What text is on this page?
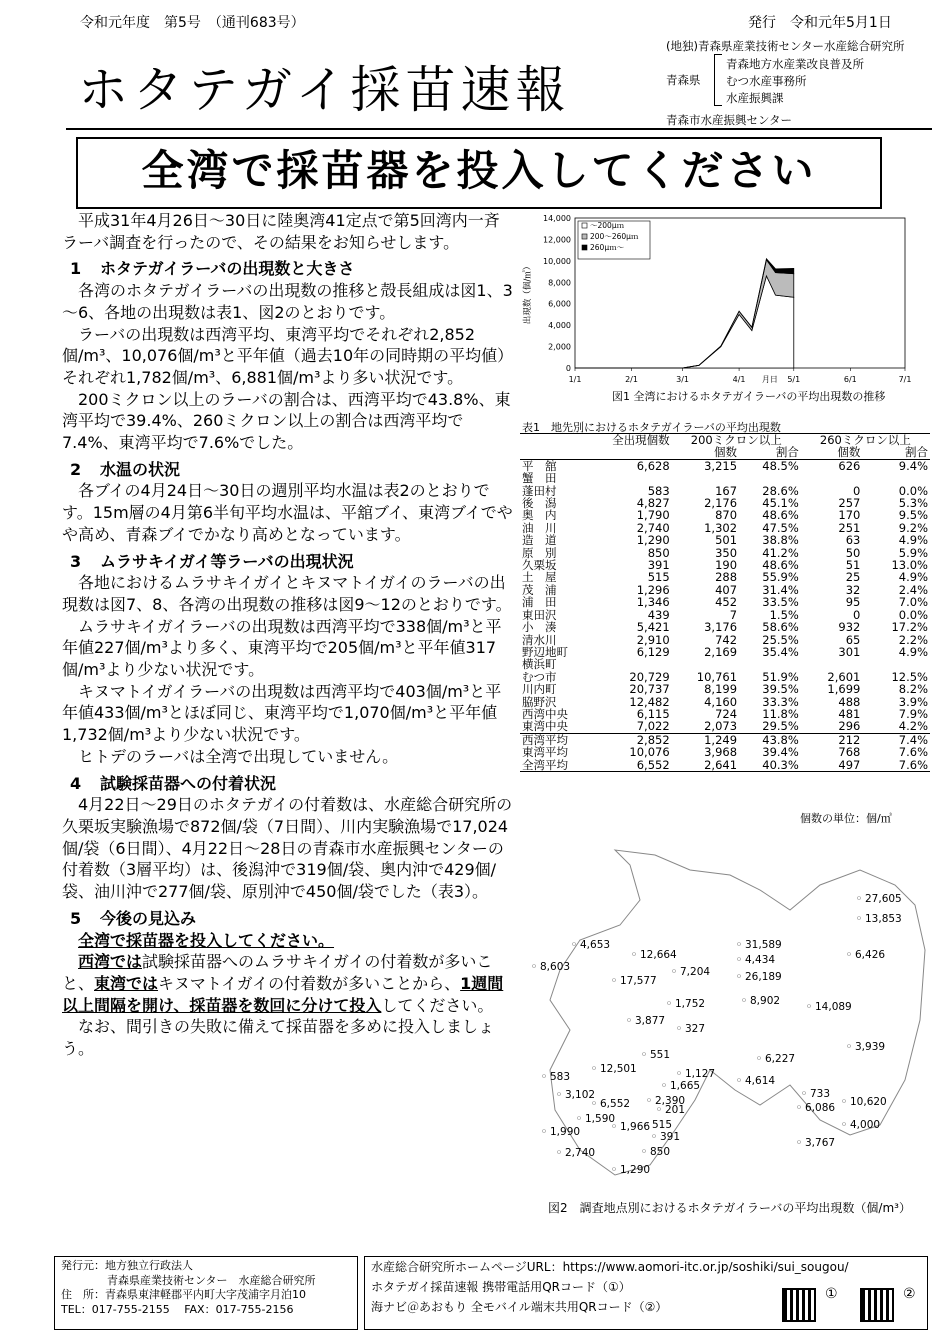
令和元年度　第5号　（通刊683号）	発行　令和元年5月1日
ホタテガイ採苗速報
(地独)青森県産業技術センター水産総合研究所
青森県
青森地方水産業改良普及所
むつ水産事務所
水産振興課
青森市水産振興センター
全湾で採苗器を投入してください

平成31年4月26日～30日に陸奥湾41定点で第5回湾内一斉ラーバ調査を行ったので、その結果をお知らせします。

1 ホタテガイラーバの出現数と大きさ

各湾のホタテガイラーバの出現数の推移と殻長組成は図1、3～6、各地の出現数は表1、図2のとおりです。

ラーバの出現数は西湾平均、東湾平均でそれぞれ2,852個/m³、10,076個/m³と平年値（過去10年の同時期の平均値）それぞれ1,782個/m³、6,881個/m³より多い状況です。

200ミクロン以上のラーバの割合は、西湾平均で43.8%、東湾平均で39.4%、260ミクロン以上の割合は西湾平均で7.4%、東湾平均で7.6%でした。

2 水温の状況

各ブイの4月24日～30日の週別平均水温は表2のとおりです。15m層の4月第6半旬平均水温は、平舘ブイ、東湾ブイでやや高め、青森ブイでかなり高めとなっています。

3 ムラサキイガイ等ラーバの出現状況

各地におけるムラサキイガイとキヌマトイガイのラーバの出現数は図7、8、各湾の出現数の推移は図9～12のとおりです。

ムラサキイガイラーバの出現数は西湾平均で338個/m³と平年値227個/m³より多く、東湾平均で205個/m³と平年値317個/m³より少ない状況です。

キヌマトイガイラーバの出現数は西湾平均で403個/m³と平年値433個/m³とほぼ同じ、東湾平均で1,070個/m³と平年値1,732個/m³より少ない状況です。

ヒトデのラーバは全湾で出現していません。

4 試験採苗器への付着状況

4月22日～29日のホタテガイの付着数は、水産総合研究所の久栗坂実験漁場で872個/袋（7日間）、川内実験漁場で17,024個/袋（6日間）、4月22日～28日の青森市水産振興センターの付着数（3層平均）は、後潟沖で319個/袋、奥内沖で429個/袋、油川沖で277個/袋、原別沖で450個/袋でした（表3）。

5 今後の見込み

全湾で採苗器を投入してください。

西湾では試験採苗器へのムラサキイガイの付着数が多いこと、東湾ではキヌマトイガイの付着数が多いことから、1週間以上間隔を開け、採苗器を数回に分けて投入してください。

なお、間引きの失敗に備えて採苗器を多めに投入しましょう。

0
2,000
4,000
6,000
8,000
10,000
12,000
14,000
1/1	2/1	3/1	4/1	5/1	6/1	7/1
月日
出現数（個/㎥）
～200μｍ
200～260μｍ
260μｍ～
図1 全湾におけるホタテガイラーバの平均出現数の推移
表1　地先別におけるホタテガイラーバの平均出現数
	全出現個数	200ミクロン以上		260ミクロン以上	
		個数	割合	個数	割合
平　舘	6,628	3,215	48.5%	626	9.4%
蟹　田					
蓬田村	583	167	28.6%	0	0.0%
後　潟	4,827	2,176	45.1%	257	5.3%
奥　内	1,790	870	48.6%	170	9.5%
油　川	2,740	1,302	47.5%	251	9.2%
造　道	1,290	501	38.8%	63	4.9%
原　別	850	350	41.2%	50	5.9%
久栗坂	391	190	48.6%	51	13.0%
土　屋	515	288	55.9%	25	4.9%
茂　浦	1,296	407	31.4%	32	2.4%
浦　田	1,346	452	33.5%	95	7.0%
東田沢	439	7	1.5%	0	0.0%
小　湊	5,421	3,176	58.6%	932	17.2%
清水川	2,910	742	25.5%	65	2.2%
野辺地町	6,129	2,169	35.4%	301	4.9%
横浜町					
むつ市	20,729	10,761	51.9%	2,601	12.5%
川内町	20,737	8,199	39.5%	1,699	8.2%
脇野沢	12,482	4,160	33.3%	488	3.9%
西湾中央	6,115	724	11.8%	481	7.9%
東湾中央	7,022	2,073	29.5%	296	4.2%
西湾平均	2,852	1,249	43.8%	212	7.4%
東湾平均	10,076	3,968	39.4%	768	7.6%
全湾平均	6,552	2,641	40.3%	497	7.6%
個数の単位：個/㎥
27,605
13,853
4,653
8,603
12,664
7,204
17,577
31,589
4,434
26,189
6,426
8,902	14,089
1,752
3,877
327
3,939
551	6,227
12,501	1,127
4,614
583
1,665
733
3,102
6,552 2,390
6,086 10,620
201
1,590	515
1,966	4,000
1,990	391	3,767
2,740	850
1,290
図2　調査地点別におけるホタテガイラーバの平均出現数（個/m³）
発行元：地方独立行政法人
青森県産業技術センター　水産総合研究所
住　所：青森県東津軽郡平内町大字茂浦字月泊10
TEL：017-755-2155　 FAX：017-755-2156
水産総合研究所ホームページURL：https://www.aomori-itc.or.jp/soshiki/sui_sougou/
ホタテガイ採苗速報 携帯電話用QRコード（①）
海ナビ＠あおもり 全モバイル端末共用QRコード（②）
①	②
